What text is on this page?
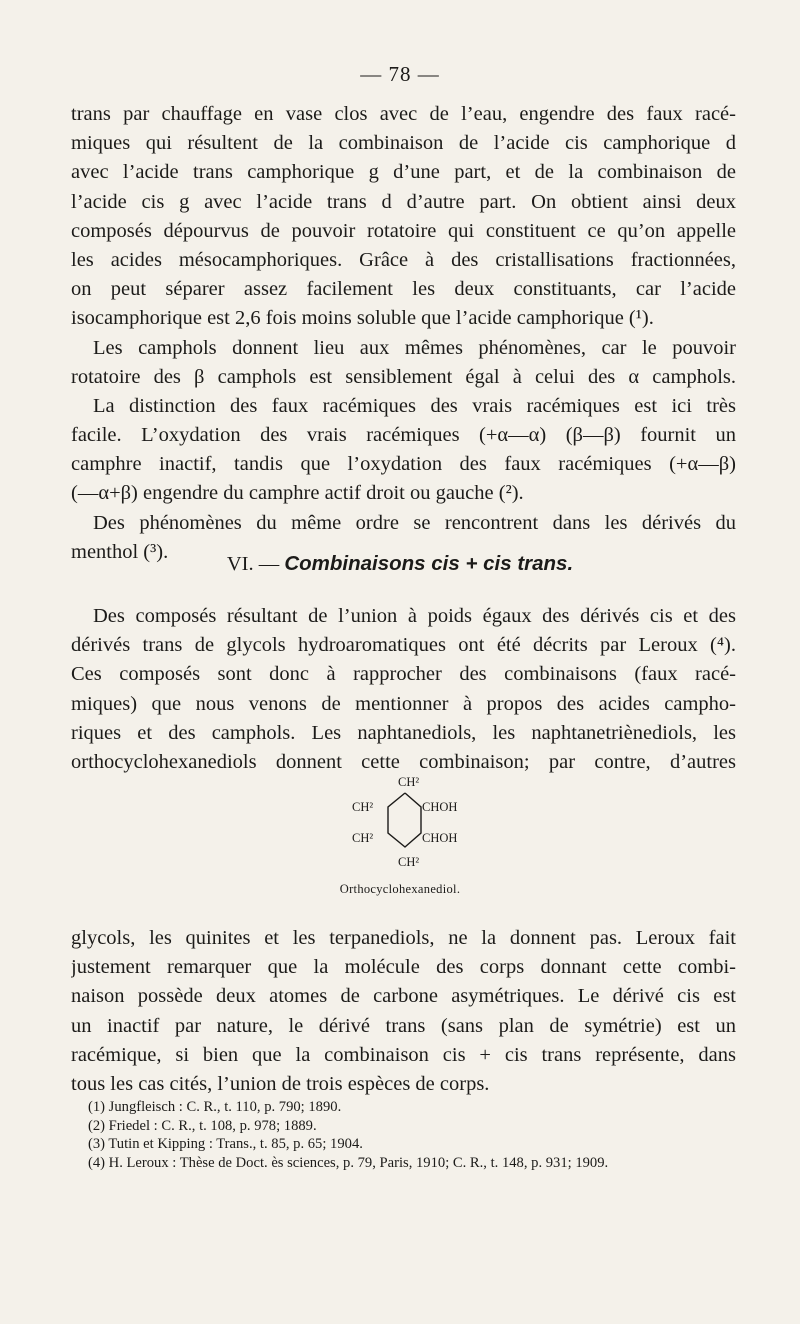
— 78 —
trans par chauffage en vase clos avec de l’eau, engendre des faux racé-
miques qui résultent de la combinaison de l’acide cis camphorique d
avec l’acide trans camphorique g d’une part, et de la combinaison de
l’acide cis g avec l’acide trans d d’autre part. On obtient ainsi deux
composés dépourvus de pouvoir rotatoire qui constituent ce qu’on appelle
les acides mésocamphoriques. Grâce à des cristallisations fractionnées,
on peut séparer assez facilement les deux constituants, car l’acide
isocamphorique est 2,6 fois moins soluble que l’acide camphorique (¹).
Les camphols donnent lieu aux mêmes phénomènes, car le pouvoir
rotatoire des β camphols est sensiblement égal à celui des α camphols.
La distinction des faux racémiques des vrais racémiques est ici très
facile. L’oxydation des vrais racémiques (+α—α) (β—β) fournit un
camphre inactif, tandis que l’oxydation des faux racémiques (+α—β)
(—α+β) engendre du camphre actif droit ou gauche (²).
Des phénomènes du même ordre se rencontrent dans les dérivés du
menthol (³).
VI. — Combinaisons cis + cis trans.
Des composés résultant de l’union à poids égaux des dérivés cis et des
dérivés trans de glycols hydroaromatiques ont été décrits par Leroux (⁴).
Ces composés sont donc à rapprocher des combinaisons (faux racé-
miques) que nous venons de mentionner à propos des acides campho-
riques et des camphols. Les naphtanediols, les naphtanetriènediols, les
orthocyclohexanediols donnent cette combinaison; par contre, d’autres
CH²
CH²	CHOH
CH²	CHOH
CH²
Orthocyclohexanediol.
glycols, les quinites et les terpanediols, ne la donnent pas. Leroux fait
justement remarquer que la molécule des corps donnant cette combi-
naison possède deux atomes de carbone asymétriques. Le dérivé cis est
un inactif par nature, le dérivé trans (sans plan de symétrie) est un
racémique, si bien que la combinaison cis + cis trans représente, dans
tous les cas cités, l’union de trois espèces de corps.
(1) Jungfleisch : C. R., t. 110, p. 790; 1890.
(2) Friedel : C. R., t. 108, p. 978; 1889.
(3) Tutin et Kipping : Trans., t. 85, p. 65; 1904.
(4) H. Leroux : Thèse de Doct. ès sciences, p. 79, Paris, 1910; C. R., t. 148, p. 931; 1909.
